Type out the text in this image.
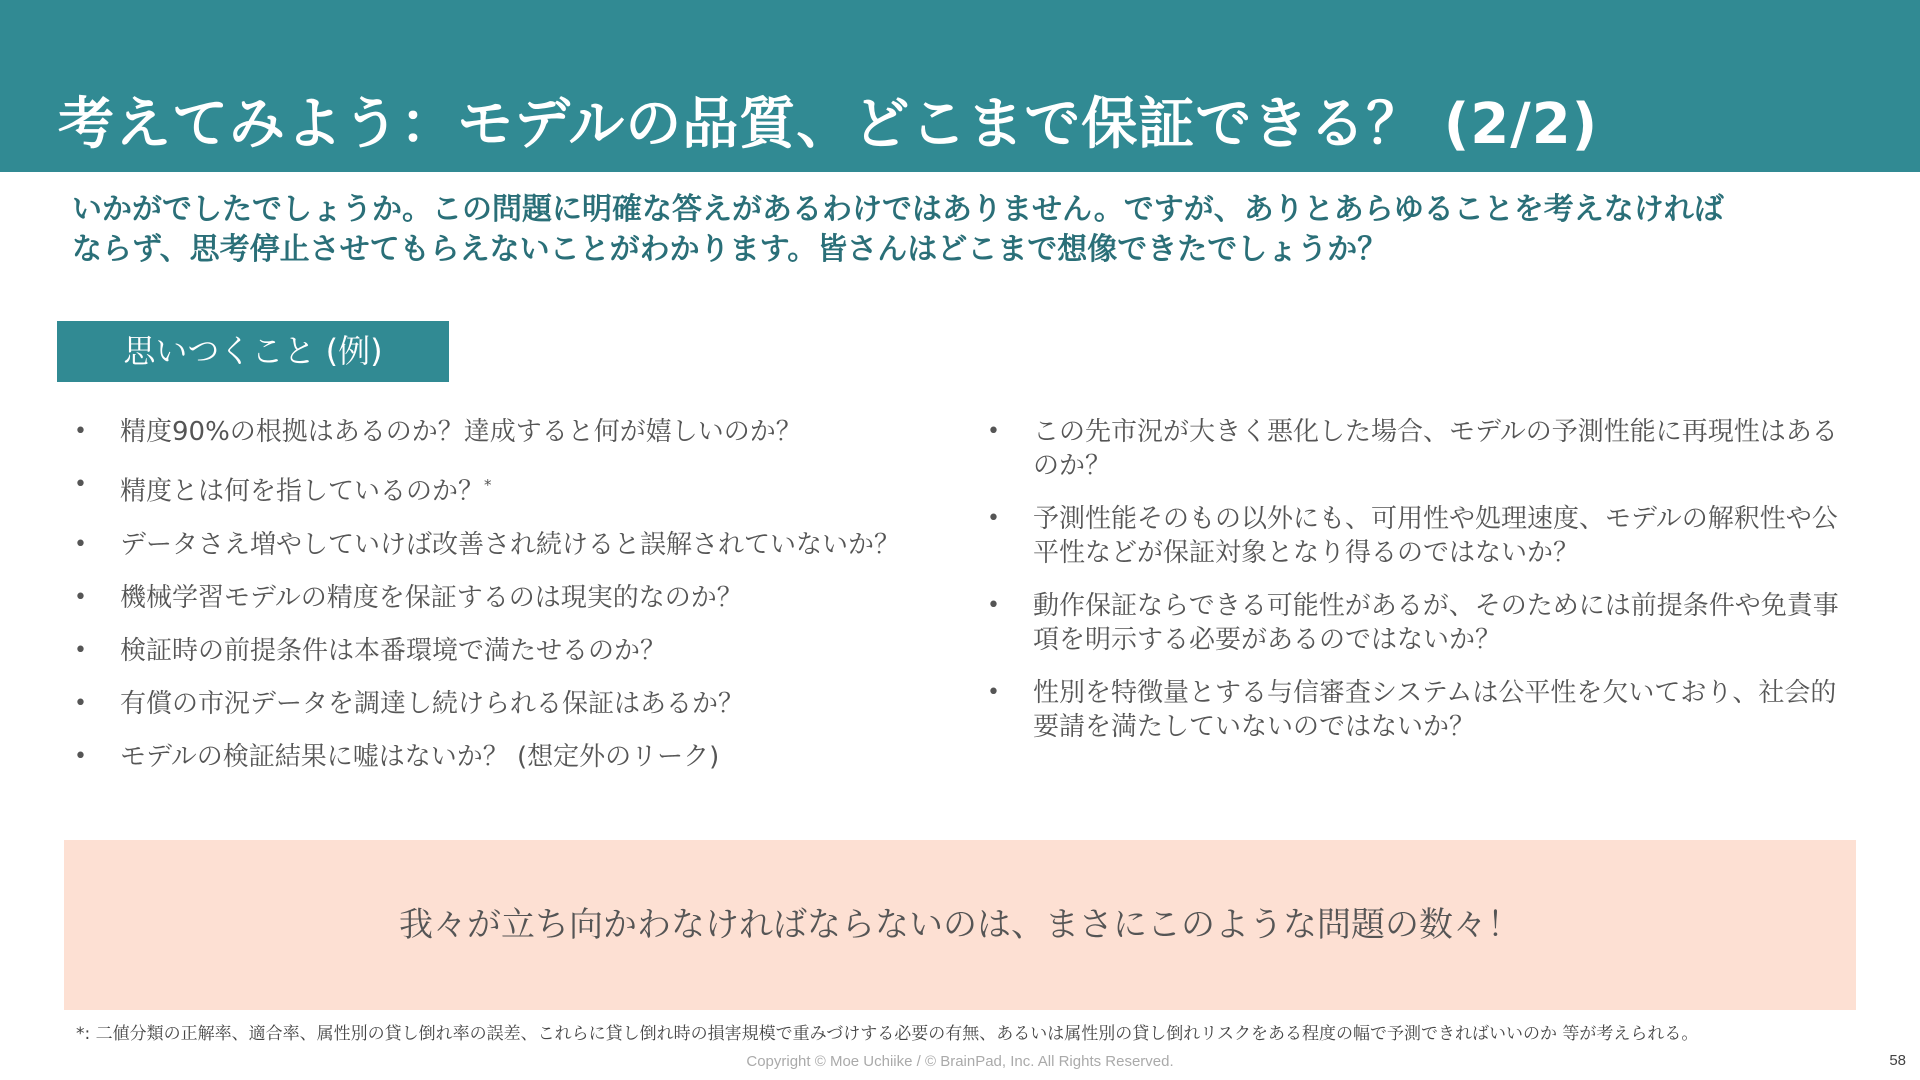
考えてみよう：モデルの品質、どこまで保証できる？ (2/2)
いかがでしたでしょうか。この問題に明確な答えがあるわけではありません。ですが、ありとあらゆることを考えなければ
ならず、思考停止させてもらえないことがわかります。皆さんはどこまで想像できたでしょうか？
思いつくこと (例)
• 精度90%の根拠はあるのか？達成すると何が嬉しいのか？
• 精度とは何を指しているのか？*
• データさえ増やしていけば改善され続けると誤解されていないか？
• 機械学習モデルの精度を保証するのは現実的なのか？
• 検証時の前提条件は本番環境で満たせるのか？
• 有償の市況データを調達し続けられる保証はあるか？
• モデルの検証結果に嘘はないか？ (想定外のリーク)
• この先市況が大きく悪化した場合、モデルの予測性能に再現性はあるのか？
• 予測性能そのもの以外にも、可用性や処理速度、モデルの解釈性や公平性などが保証対象となり得るのではないか？
• 動作保証ならできる可能性があるが、そのためには前提条件や免責事項を明示する必要があるのではないか？
• 性別を特徴量とする与信審査システムは公平性を欠いており、社会的要請を満たしていないのではないか？
我々が立ち向かわなければならないのは、まさにこのような問題の数々！
*: 二値分類の正解率、適合率、属性別の貸し倒れ率の誤差、これらに貸し倒れ時の損害規模で重みづけする必要の有無、あるいは属性別の貸し倒れリスクをある程度の幅で予測できればいいのか 等が考えられる。
Copyright © Moe Uchiike / © BrainPad, Inc. All Rights Reserved.	58
